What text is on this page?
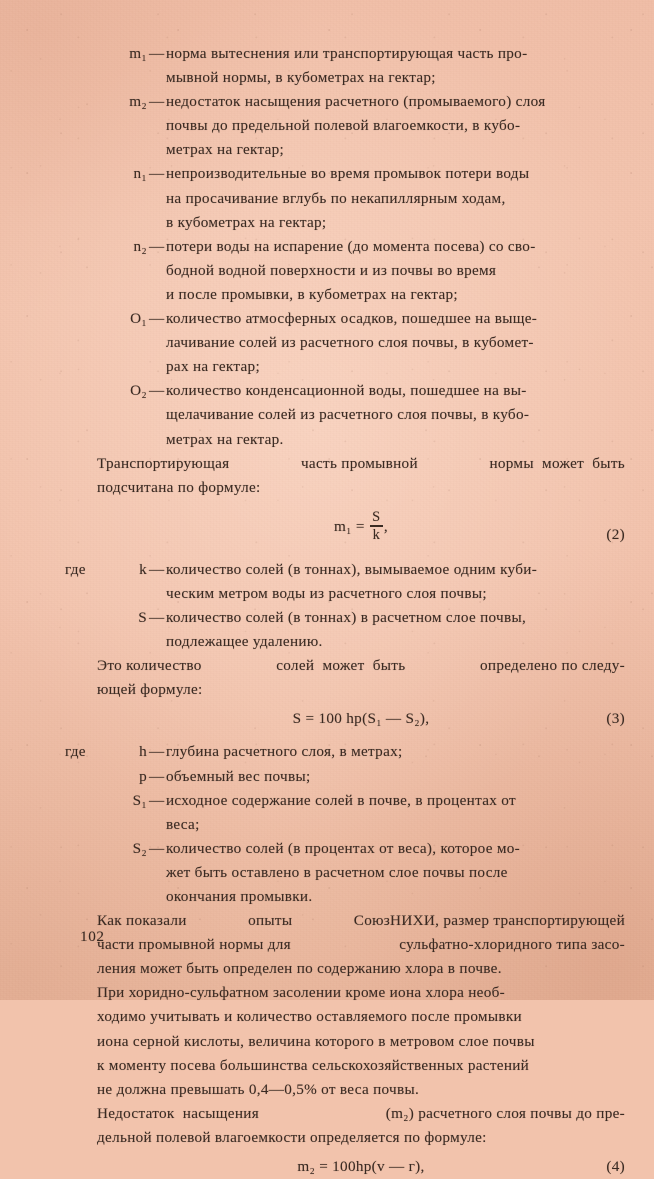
m₁ — норма вытеснения или транспортирующая часть про-
мывной нормы, в кубометрах на гектар;
m₂ — недостаток насыщения расчетного (промываемого) слоя
почвы до предельной полевой влагоемкости, в кубо-
метрах на гектар;
n₁ — непроизводительные во время промывок потери воды
на просачивание вглубь по некапиллярным ходам,
в кубометрах на гектар;
n₂ — потери воды на испарение (до момента посева) со сво-
бодной водной поверхности и из почвы во время
и после промывки, в кубометрах на гектар;
O₁ — количество атмосферных осадков, пошедшее на выще-
лачивание солей из расчетного слоя почвы, в кубомет-
рах на гектар;
O₂ — количество конденсационной воды, пошедшее на вы-
щелачивание солей из расчетного слоя почвы, в кубо-
метрах на гектар.

Транспортирующая	часть промывной	нормы  может  быть
подсчитана по формуле:

$m_1 = \frac{S}{k}$ ,	(2)
где	k — количество солей (в тоннах), вымываемое одним куби-
ческим метром воды из расчетного слоя почвы;
S — количество солей (в тоннах) в расчетном слое почвы,
подлежащее удалению.

Это количество	солей  может  быть	определено по следу-
ющей формуле:

S = 100 hp(S₁ — S₂),	(3)
где	h — глубина расчетного слоя, в метрах;
p — объемный вес почвы;
S₁ — исходное содержание солей в почве, в процентах от
веса;
S₂ — количество солей (в процентах от веса), которое мо-
жет быть оставлено в расчетном слое почвы после
окончания промывки.

Как показали	опыты	СоюзНИХИ, размер транспортирующей
части промывной нормы для	сульфатно-хлоридного типа засо-
ления может быть определен по содержанию хлора в почве.

При хоридно-сульфатном засолении кроме иона хлора необ-
ходимо учитывать и количество оставляемого после промывки
иона серной кислоты, величина которого в метровом слое почвы
к моменту посева большинства сельскохозяйственных растений
не должна превышать 0,4—0,5% от веса почвы.

Недостаток  насыщения	(m₂) расчетного слоя почвы до пре-
дельной полевой влагоемкости определяется по формуле:

m₂ = 100hp(v — г),	(4)
102
